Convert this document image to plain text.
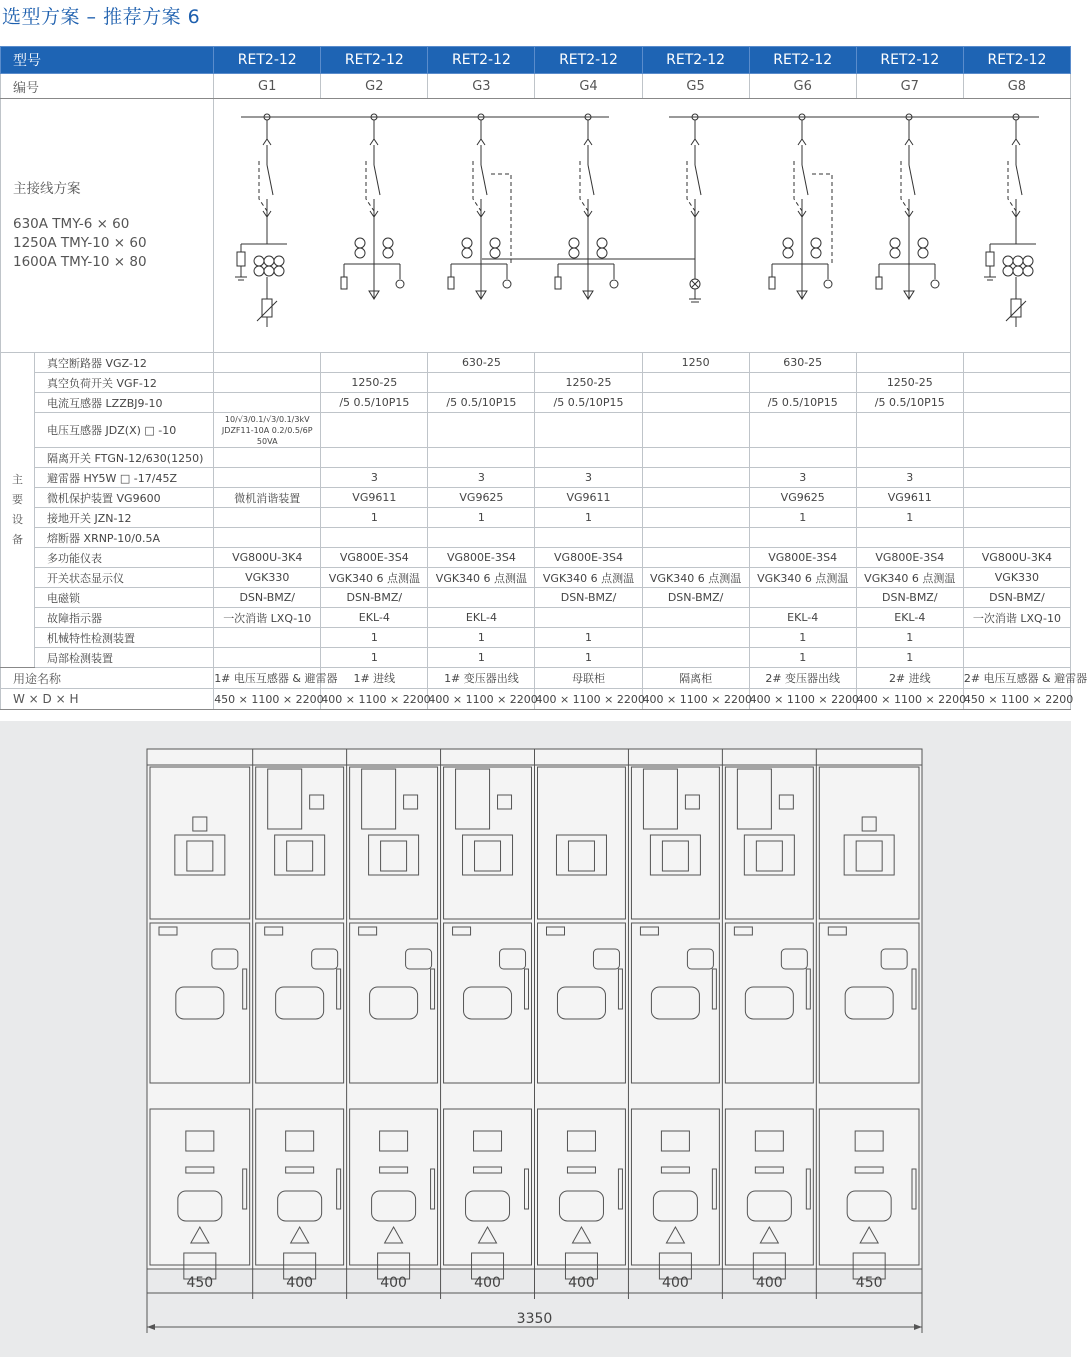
选型方案 – 推荐方案 6
型号		RET2-12	RET2-12	RET2-12	RET2-12	RET2-12	RET2-12	RET2-12	RET2-12
编号		G1	G2	G3	G4	G5	G6	G7	G8

主接线方案
630A TMY-6 × 60
1250A TMY-10 × 60
1600A TMY-10 × 80

主
要
设
备	真空断路器 VGZ-12			630-25		1250	630-25		
	真空负荷开关 VGF-12		1250-25		1250-25			1250-25	
	电流互感器 LZZBJ9-10		/5 0.5/10P15	/5 0.5/10P15	/5 0.5/10P15		/5 0.5/10P15	/5 0.5/10P15	
	电压互感器 JDZ(X) □ -10	10/√3/0.1/√3/0.1/3kV
JDZF11-10A 0.2/0.5/6P 50VA							

	隔离开关 FTGN-12/630(1250)								
	避雷器 HY5W □ -17/45Z		3	3	3		3	3	
	微机保护装置 VG9600	微机消谐装置	VG9611	VG9625	VG9611		VG9625	VG9611	
	接地开关 JZN-12		1	1	1		1	1	
	熔断器 XRNP-10/0.5A								
	多功能仪表	VG800U-3K4	VG800E-3S4	VG800E-3S4	VG800E-3S4		VG800E-3S4	VG800E-3S4	VG800U-3K4
	开关状态显示仪	VGK330	VGK340 6 点测温	VGK340 6 点测温	VGK340 6 点测温	VGK340 6 点测温	VGK340 6 点测温	VGK340 6 点测温	VGK330
	电磁锁	DSN-BMZ/	DSN-BMZ/		DSN-BMZ/	DSN-BMZ/		DSN-BMZ/	DSN-BMZ/
	故障指示器	一次消谐 LXQ-10	EKL-4	EKL-4			EKL-4	EKL-4	一次消谐 LXQ-10
	机械特性检测装置		1	1	1		1	1	
	局部检测装置		1	1	1		1	1	
用途名称		1# 电压互感器 & 避雷器	1# 进线	1# 变压器出线	母联柜	隔离柜	2# 变压器出线	2# 进线	2# 电压互感器 & 避雷器
W × D × H		450 × 1100 × 2200	400 × 1100 × 2200	400 × 1100 × 2200	400 × 1100 × 2200	400 × 1100 × 2200	400 × 1100 × 2200	400 × 1100 × 2200	450 × 1100 × 2200
450	400	400	400	400	400	400	450
3350
